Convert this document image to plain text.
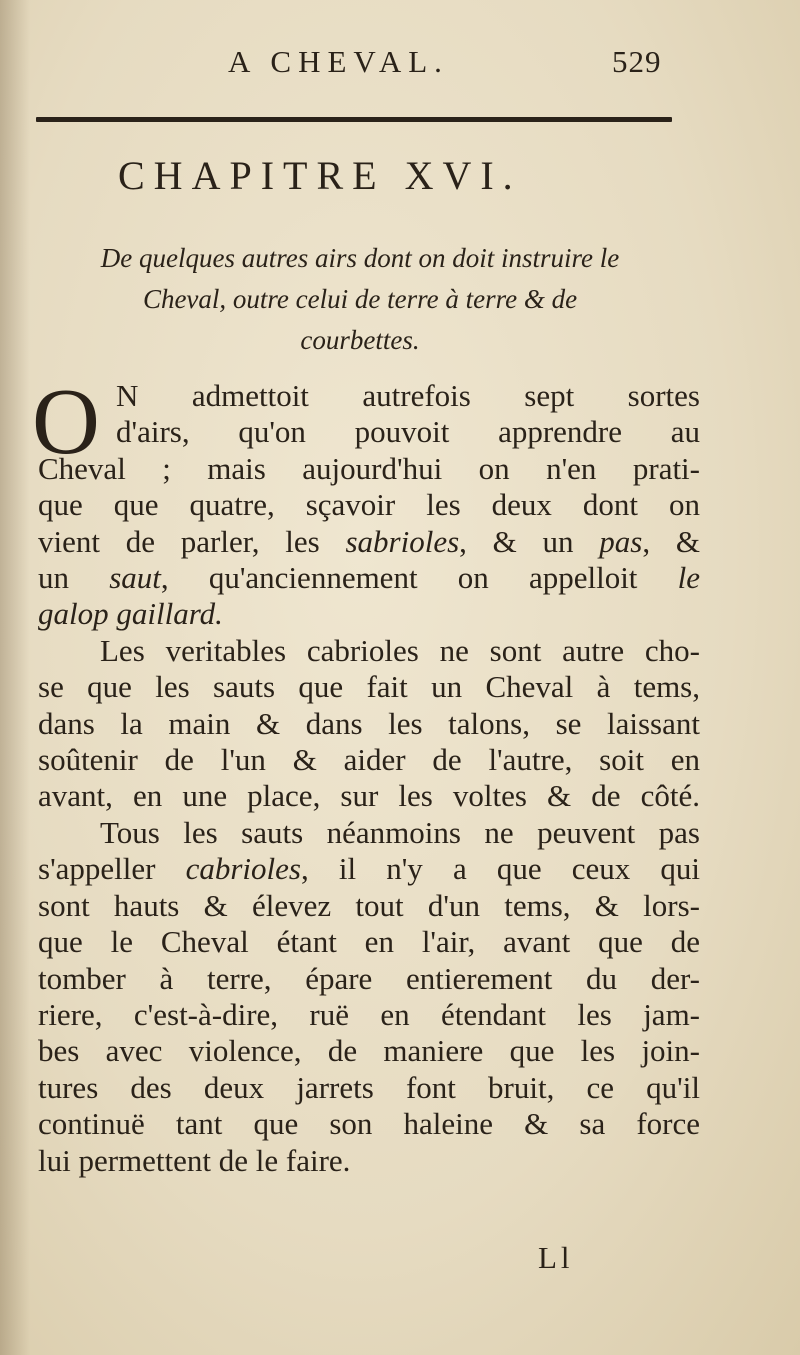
A CHEVAL.	529
CHAPITRE XVI.
De quelques autres airs dont on doit instruire le
Cheval, outre celui de terre à terre & de
courbettes.
O N admettoit autrefois sept sortes
d'airs, qu'on pouvoit apprendre au
Cheval ; mais aujourd'hui on n'en prati-
que que quatre, sçavoir les deux dont on
vient de parler, les sabrioles, & un pas, &
un saut, qu'anciennement on appelloit le
galop gaillard.
Les veritables cabrioles ne sont autre cho-
se que les sauts que fait un Cheval à tems,
dans la main & dans les talons, se laissant
soûtenir de l'un & aider de l'autre, soit en
avant, en une place, sur les voltes & de côté.
Tous les sauts néanmoins ne peuvent pas
s'appeller cabrioles, il n'y a que ceux qui
sont hauts & élevez tout d'un tems, & lors-
que le Cheval étant en l'air, avant que de
tomber à terre, épare entierement du der-
riere, c'est-à-dire, ruë en étendant les jam-
bes avec violence, de maniere que les join-
tures des deux jarrets font bruit, ce qu'il
continuë tant que son haleine & sa force
lui permettent de le faire.
Ll
